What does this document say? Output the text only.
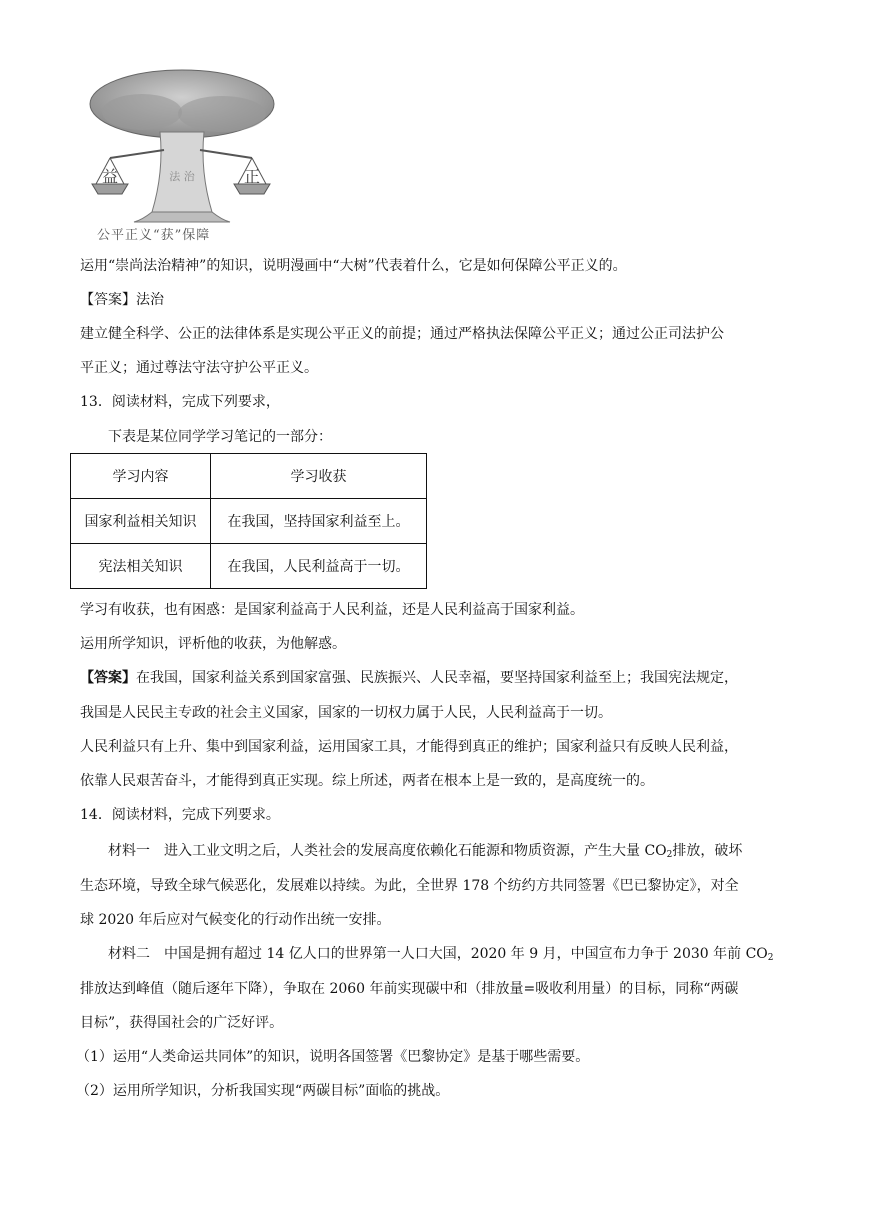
益	正
法 治
公平正义“获”保障
运用“崇尚法治精神”的知识，说明漫画中“大树”代表着什么，它是如何保障公平正义的。
【答案】法治
建立健全科学、公正的法律体系是实现公平正义的前提；通过严格执法保障公平正义；通过公正司法护公
平正义；通过尊法守法守护公平正义。
13．阅读材料，完成下列要求，
下表是某位同学学习笔记的一部分：
学习内容	学习收获
国家利益相关知识	在我国，坚持国家利益至上。
宪法相关知识	在我国，人民利益高于一切。
学习有收获，也有困惑：是国家利益高于人民利益，还是人民利益高于国家利益。
运用所学知识，评析他的收获，为他解惑。
【答案】在我国，国家利益关系到国家富强、民族振兴、人民幸福，要坚持国家利益至上；我国宪法规定，
我国是人民民主专政的社会主义国家，国家的一切权力属于人民，人民利益高于一切。
人民利益只有上升、集中到国家利益，运用国家工具，才能得到真正的维护；国家利益只有反映人民利益，
依靠人民艰苦奋斗，才能得到真正实现。综上所述，两者在根本上是一致的，是高度统一的。
14．阅读材料，完成下列要求。
材料一　进入工业文明之后，人类社会的发展高度依赖化石能源和物质资源，产生大量 $CO_2$排放，破坏
生态环境，导致全球气候恶化，发展难以持续。为此，全世界 178 个纺约方共同签署《巴已黎协定》，对全
球 2020 年后应对气候变化的行动作出统一安排。
材料二　中国是拥有超过 14 亿人口的世界第一人口大国，2020 年 9 月，中国宣布力争于 2030 年前 $CO_2$
排放达到峰值（随后逐年下降），争取在 2060 年前实现碳中和（排放量=吸收利用量）的目标，同称“两碳
目标”，获得国社会的广泛好评。
（1）运用“人类命运共同体”的知识，说明各国签署《巴黎协定》是基于哪些需要。
（2）运用所学知识，分析我国实现“两碳目标”面临的挑战。
